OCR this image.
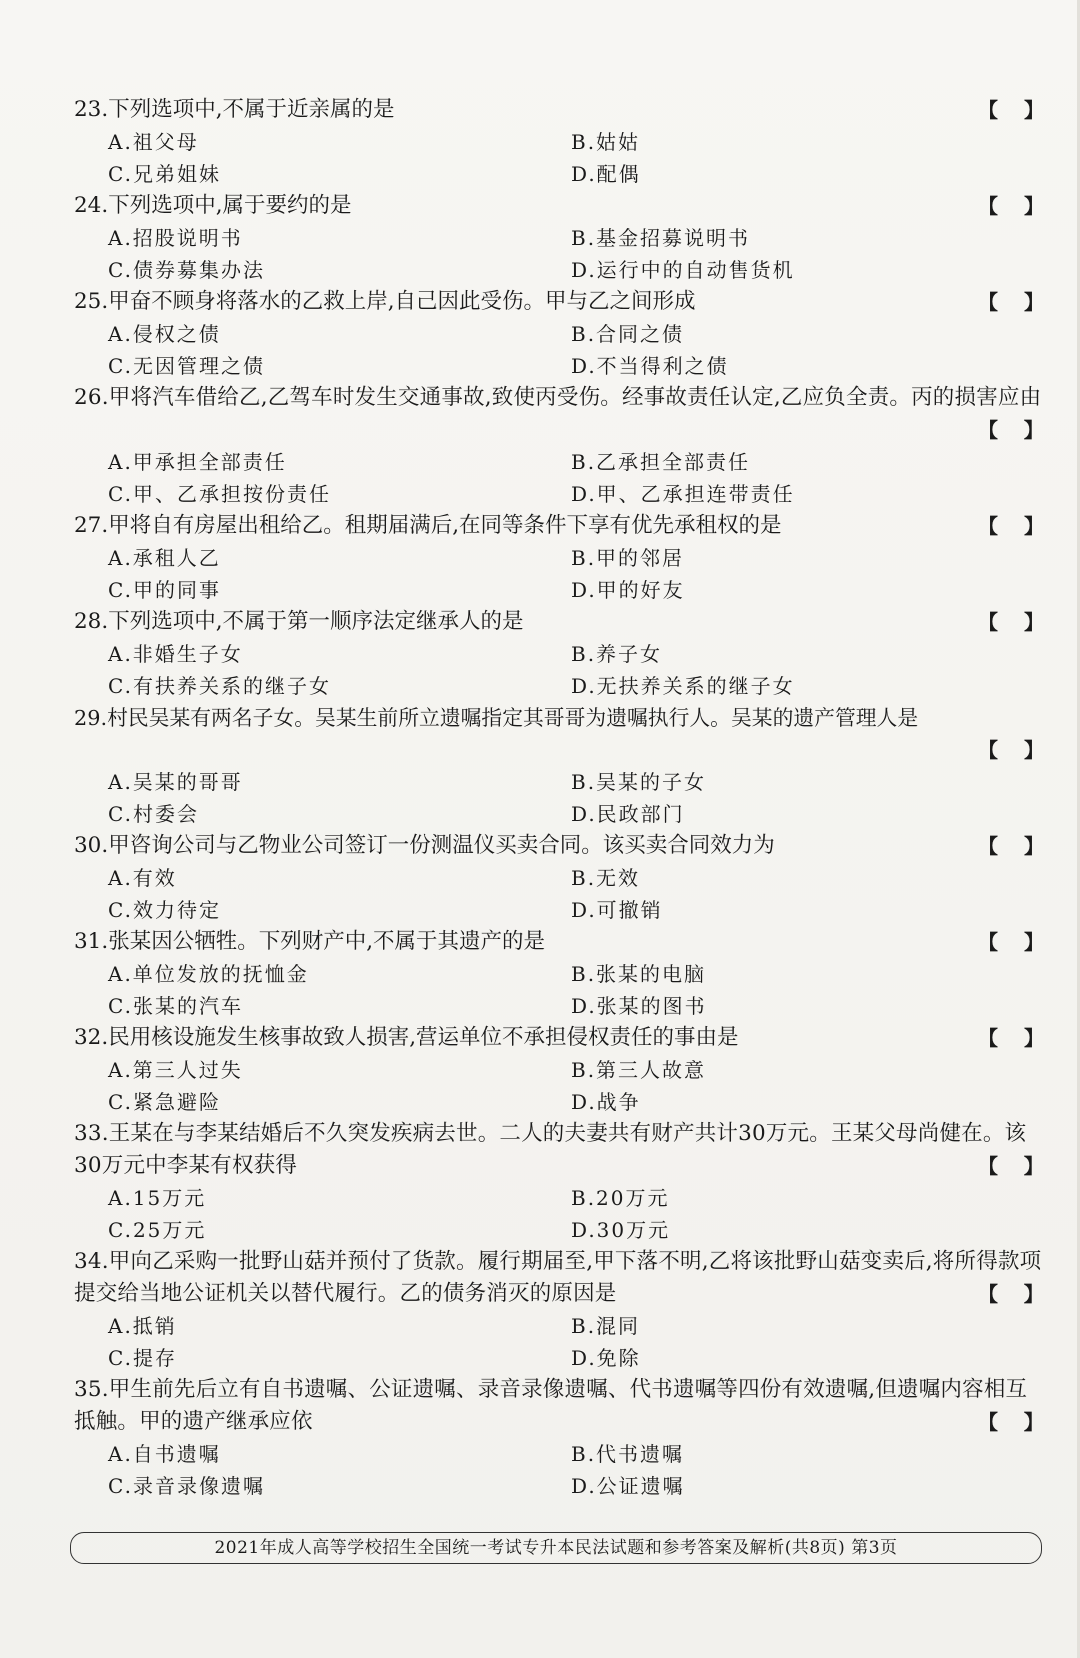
23.下列选项中,不属于近亲属的是	【 】
A.祖父母	B.姑姑
C.兄弟姐妹	D.配偶
24.下列选项中,属于要约的是	【 】
A.招股说明书	B.基金招募说明书
C.债券募集办法	D.运行中的自动售货机
25.甲奋不顾身将落水的乙救上岸,自己因此受伤。甲与乙之间形成	【 】
A.侵权之债	B.合同之债
C.无因管理之债	D.不当得利之债
26.甲将汽车借给乙,乙驾车时发生交通事故,致使丙受伤。经事故责任认定,乙应负全责。丙的损害应由
【 】
A.甲承担全部责任	B.乙承担全部责任
C.甲、乙承担按份责任	D.甲、乙承担连带责任
27.甲将自有房屋出租给乙。租期届满后,在同等条件下享有优先承租权的是	【 】
A.承租人乙	B.甲的邻居
C.甲的同事	D.甲的好友
28.下列选项中,不属于第一顺序法定继承人的是	【 】
A.非婚生子女	B.养子女
C.有扶养关系的继子女	D.无扶养关系的继子女
29.村民吴某有两名子女。吴某生前所立遗嘱指定其哥哥为遗嘱执行人。吴某的遗产管理人是
【 】
A.吴某的哥哥	B.吴某的子女
C.村委会	D.民政部门
30.甲咨询公司与乙物业公司签订一份测温仪买卖合同。该买卖合同效力为	【 】
A.有效	B.无效
C.效力待定	D.可撤销
31.张某因公牺牲。下列财产中,不属于其遗产的是	【 】
A.单位发放的抚恤金	B.张某的电脑
C.张某的汽车	D.张某的图书
32.民用核设施发生核事故致人损害,营运单位不承担侵权责任的事由是	【 】
A.第三人过失	B.第三人故意
C.紧急避险	D.战争
33.王某在与李某结婚后不久突发疾病去世。二人的夫妻共有财产共计30万元。王某父母尚健在。该30万元中李某有权获得	【 】
A.15万元	B.20万元
C.25万元	D.30万元
34.甲向乙采购一批野山菇并预付了货款。履行期届至,甲下落不明,乙将该批野山菇变卖后,将所得款项提交给当地公证机关以替代履行。乙的债务消灭的原因是	【 】
A.抵销	B.混同
C.提存	D.免除
35.甲生前先后立有自书遗嘱、公证遗嘱、录音录像遗嘱、代书遗嘱等四份有效遗嘱,但遗嘱内容相互抵触。甲的遗产继承应依	【 】
A.自书遗嘱	B.代书遗嘱
C.录音录像遗嘱	D.公证遗嘱
2021年成人高等学校招生全国统一考试专升本民法试题和参考答案及解析(共8页) 第3页
